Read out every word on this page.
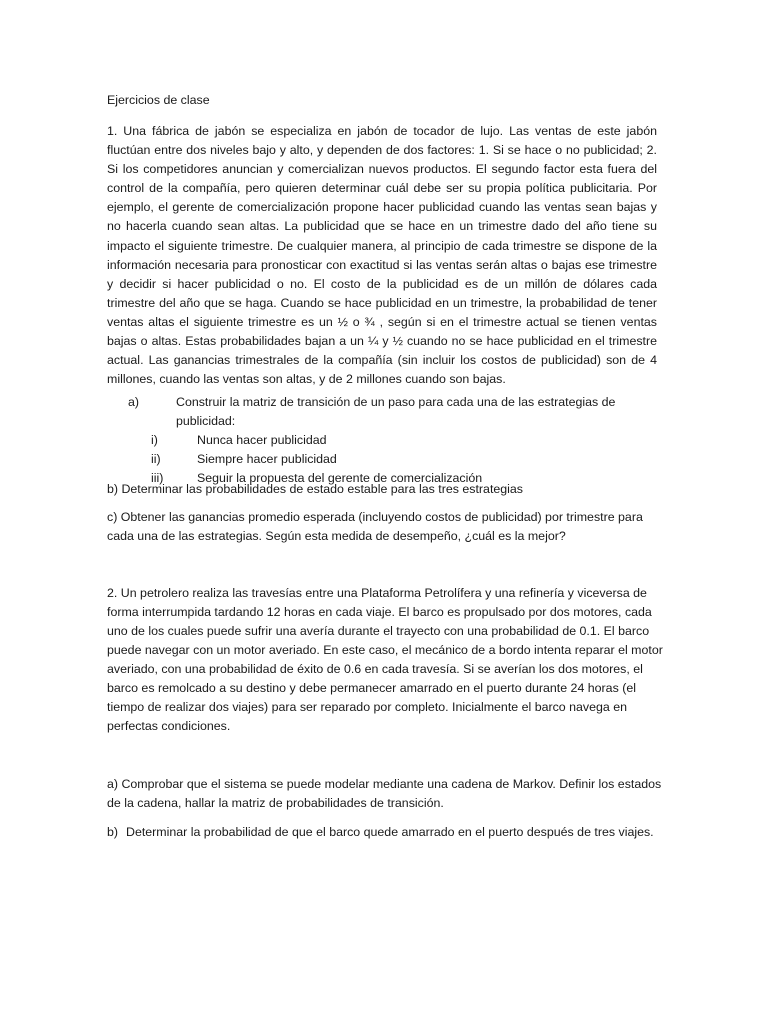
Ejercicios de clase

1. Una fábrica de jabón se especializa en jabón de tocador de lujo. Las ventas de este jabón fluctúan entre dos niveles bajo y alto, y dependen de dos factores: 1. Si se hace o no publicidad; 2. Si los competidores anuncian y comercializan nuevos productos. El segundo factor esta fuera del control de la compañía, pero quieren determinar cuál debe ser su propia política publicitaria. Por ejemplo, el gerente de comercialización propone hacer publicidad cuando las ventas sean bajas y no hacerla cuando sean altas. La publicidad que se hace en un trimestre dado del año tiene su impacto el siguiente trimestre. De cualquier manera, al principio de cada trimestre se dispone de la información necesaria para pronosticar con exactitud si las ventas serán altas o bajas ese trimestre y decidir si hacer publicidad o no. El costo de la publicidad es de un millón de dólares cada trimestre del año que se haga. Cuando se hace publicidad en un trimestre, la probabilidad de tener ventas altas el siguiente trimestre es un ½ o ¾ , según si en el trimestre actual se tienen ventas bajas o altas. Estas probabilidades bajan a un ¼ y ½ cuando no se hace publicidad en el trimestre actual. Las ganancias trimestrales de la compañía (sin incluir los costos de publicidad) son de 4 millones, cuando las ventas son altas, y de 2 millones cuando son bajas.

a)	Construir la matriz de transición de un paso para cada una de las estrategias de publicidad:
i)	Nunca hacer publicidad
ii)	Siempre hacer publicidad
iii)	Seguir la propuesta del gerente de comercialización

b) Determinar las probabilidades de estado estable para las tres estrategias

c) Obtener las ganancias promedio esperada (incluyendo costos de publicidad) por trimestre para cada una de las estrategias. Según esta medida de desempeño, ¿cuál es la mejor?

2. Un petrolero realiza las travesías entre una Plataforma Petrolífera y una refinería y viceversa de forma interrumpida tardando 12 horas en cada viaje. El barco es propulsado por dos motores, cada uno de los cuales puede sufrir una avería durante el trayecto con una probabilidad de 0.1. El barco puede navegar con un motor averiado. En este caso, el mecánico de a bordo intenta reparar el motor averiado, con una probabilidad de éxito de 0.6 en cada travesía. Si se averían los dos motores, el barco es remolcado a su destino y debe permanecer amarrado en el puerto durante 24 horas (el tiempo de realizar dos viajes) para ser reparado por completo. Inicialmente el barco navega en perfectas condiciones.

a) Comprobar que el sistema se puede modelar mediante una cadena de Markov. Definir los estados de la cadena, hallar la matriz de probabilidades de transición.

b) Determinar la probabilidad de que el barco quede amarrado en el puerto después de tres viajes.
